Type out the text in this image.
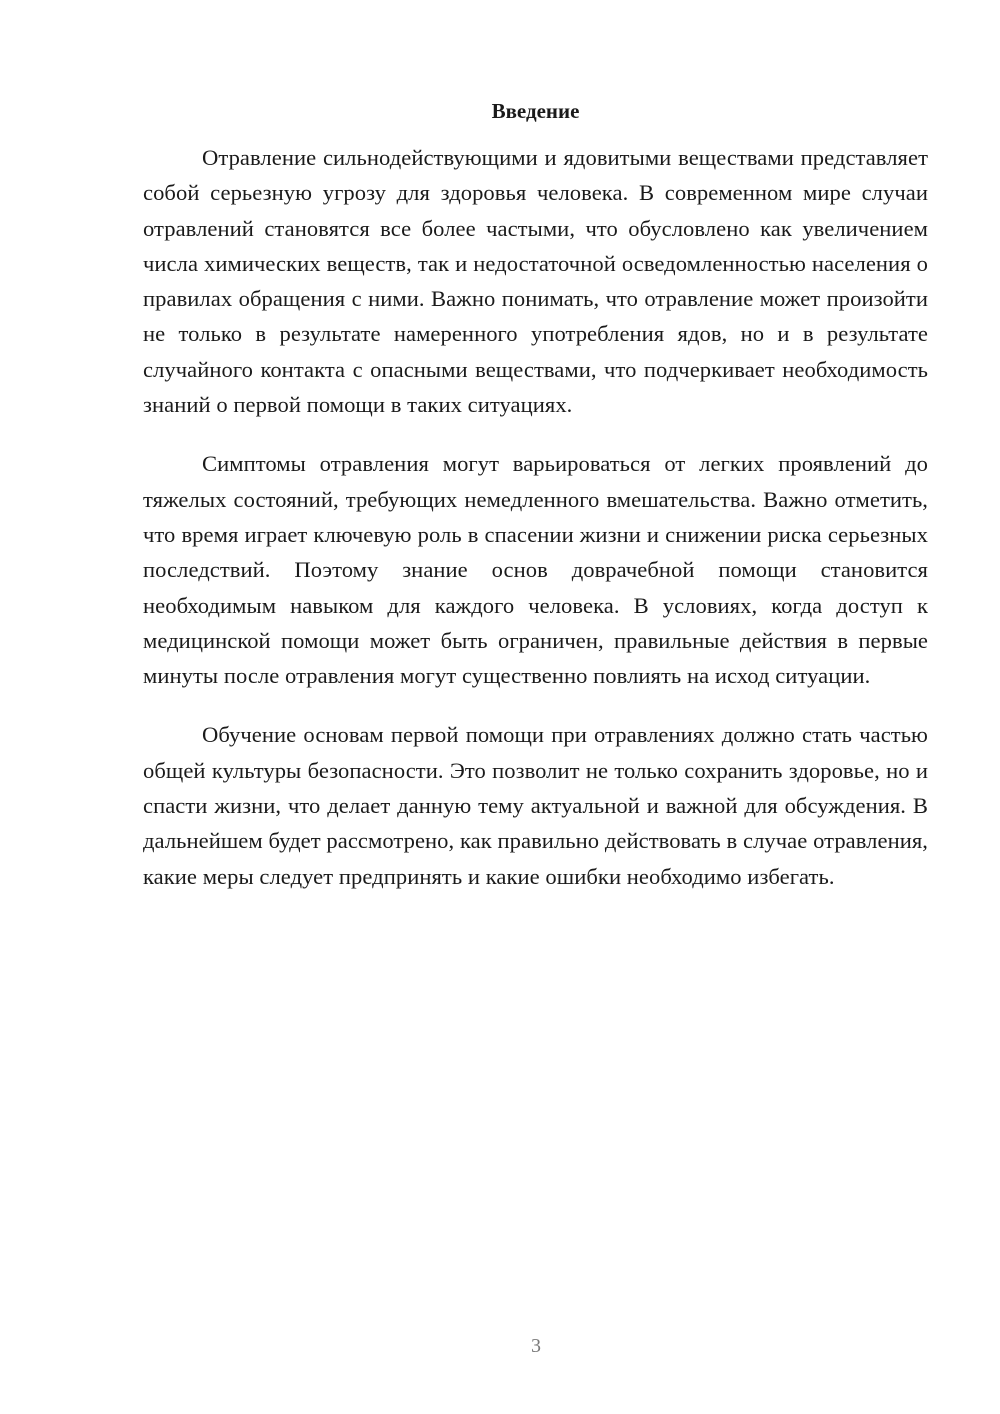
Введение

Отравление сильнодействующими и ядовитыми веществами представляет собой серьезную угрозу для здоровья человека. В современном мире случаи отравлений становятся все более частыми, что обусловлено как увеличением числа химических веществ, так и недостаточной осведомленностью населения о правилах обращения с ними. Важно понимать, что отравление может произойти не только в результате намеренного употребления ядов, но и в результате случайного контакта с опасными веществами, что подчеркивает необходимость знаний о первой помощи в таких ситуациях.

Симптомы отравления могут варьироваться от легких проявлений до тяжелых состояний, требующих немедленного вмешательства. Важно отметить, что время играет ключевую роль в спасении жизни и снижении риска серьезных последствий. Поэтому знание основ доврачебной помощи становится необходимым навыком для каждого человека. В условиях, когда доступ к медицинской помощи может быть ограничен, правильные действия в первые минуты после отравления могут существенно повлиять на исход ситуации.

Обучение основам первой помощи при отравлениях должно стать частью общей культуры безопасности. Это позволит не только сохранить здоровье, но и спасти жизни, что делает данную тему актуальной и важной для обсуждения. В дальнейшем будет рассмотрено, как правильно действовать в случае отравления, какие меры следует предпринять и какие ошибки необходимо избегать.

3
